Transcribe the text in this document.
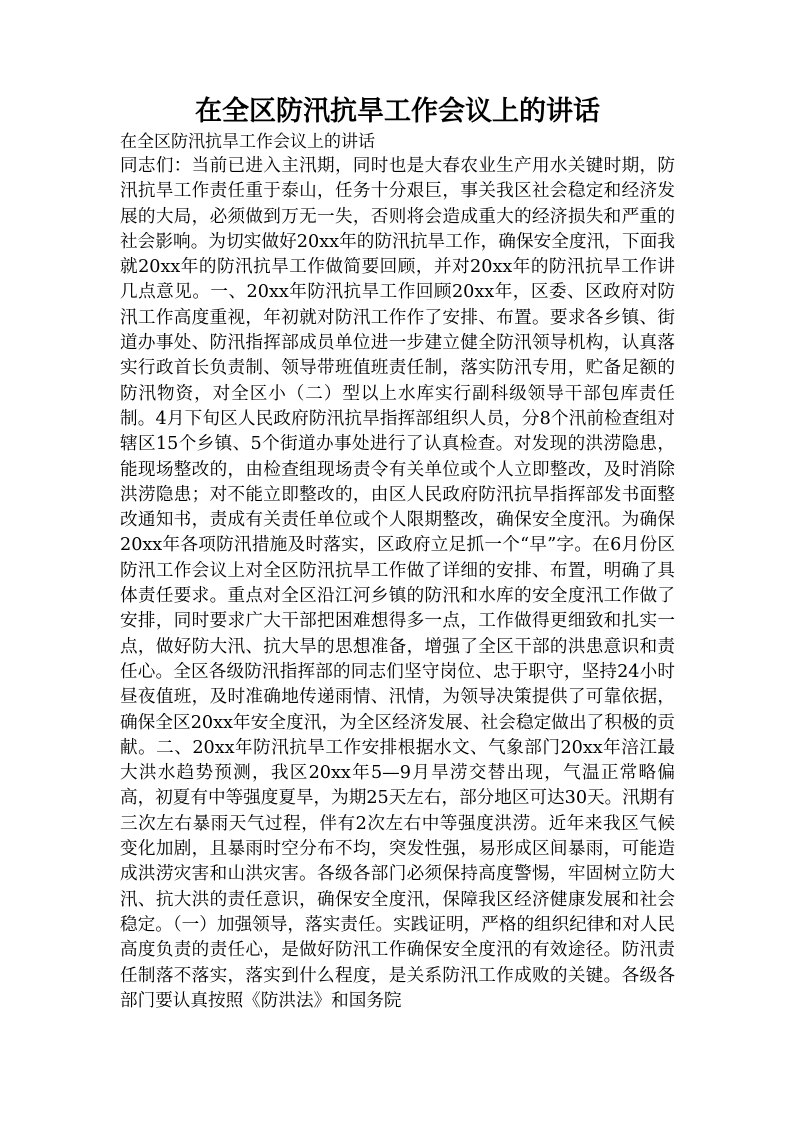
在全区防汛抗旱工作会议上的讲话

在全区防汛抗旱工作会议上的讲话

同志们：当前已进入主汛期，同时也是大春农业生产用水关键时期，防汛抗旱工作责任重于泰山，任务十分艰巨，事关我区社会稳定和经济发展的大局，必须做到万无一失，否则将会造成重大的经济损失和严重的社会影响。为切实做好20xx年的防汛抗旱工作，确保安全度汛，下面我就20xx年的防汛抗旱工作做简要回顾，并对20xx年的防汛抗旱工作讲几点意见。一、20xx年防汛抗旱工作回顾20xx年，区委、区政府对防汛工作高度重视，年初就对防汛工作作了安排、布置。要求各乡镇、街道办事处、防汛指挥部成员单位进一步建立健全防汛领导机构，认真落实行政首长负责制、领导带班值班责任制，落实防汛专用，贮备足额的防汛物资，对全区小（二）型以上水库实行副科级领导干部包库责任制。4月下旬区人民政府防汛抗旱指挥部组织人员，分8个汛前检查组对辖区15个乡镇、5个街道办事处进行了认真检查。对发现的洪涝隐患，能现场整改的，由检查组现场责令有关单位或个人立即整改，及时消除洪涝隐患；对不能立即整改的，由区人民政府防汛抗旱指挥部发书面整改通知书，责成有关责任单位或个人限期整改，确保安全度汛。为确保20xx年各项防汛措施及时落实，区政府立足抓一个“早”字。在6月份区防汛工作会议上对全区防汛抗旱工作做了详细的安排、布置，明确了具体责任要求。重点对全区沿江河乡镇的防汛和水库的安全度汛工作做了安排，同时要求广大干部把困难想得多一点，工作做得更细致和扎实一点，做好防大汛、抗大旱的思想准备，增强了全区干部的洪患意识和责任心。全区各级防汛指挥部的同志们坚守岗位、忠于职守，坚持24小时昼夜值班，及时准确地传递雨情、汛情，为领导决策提供了可靠依据，确保全区20xx年安全度汛，为全区经济发展、社会稳定做出了积极的贡献。二、20xx年防汛抗旱工作安排根据水文、气象部门20xx年涪江最大洪水趋势预测，我区20xx年5—9月旱涝交替出现，气温正常略偏高，初夏有中等强度夏旱，为期25天左右，部分地区可达30天。汛期有三次左右暴雨天气过程，伴有2次左右中等强度洪涝。近年来我区气候变化加剧，且暴雨时空分布不均，突发性强，易形成区间暴雨，可能造成洪涝灾害和山洪灾害。各级各部门必须保持高度警惕，牢固树立防大汛、抗大洪的责任意识，确保安全度汛，保障我区经济健康发展和社会稳定。（一）加强领导，落实责任。实践证明，严格的组织纪律和对人民高度负责的责任心，是做好防汛工作确保安全度汛的有效途径。防汛责任制落不落实，落实到什么程度，是关系防汛工作成败的关键。各级各部门要认真按照《防洪法》和国务院
